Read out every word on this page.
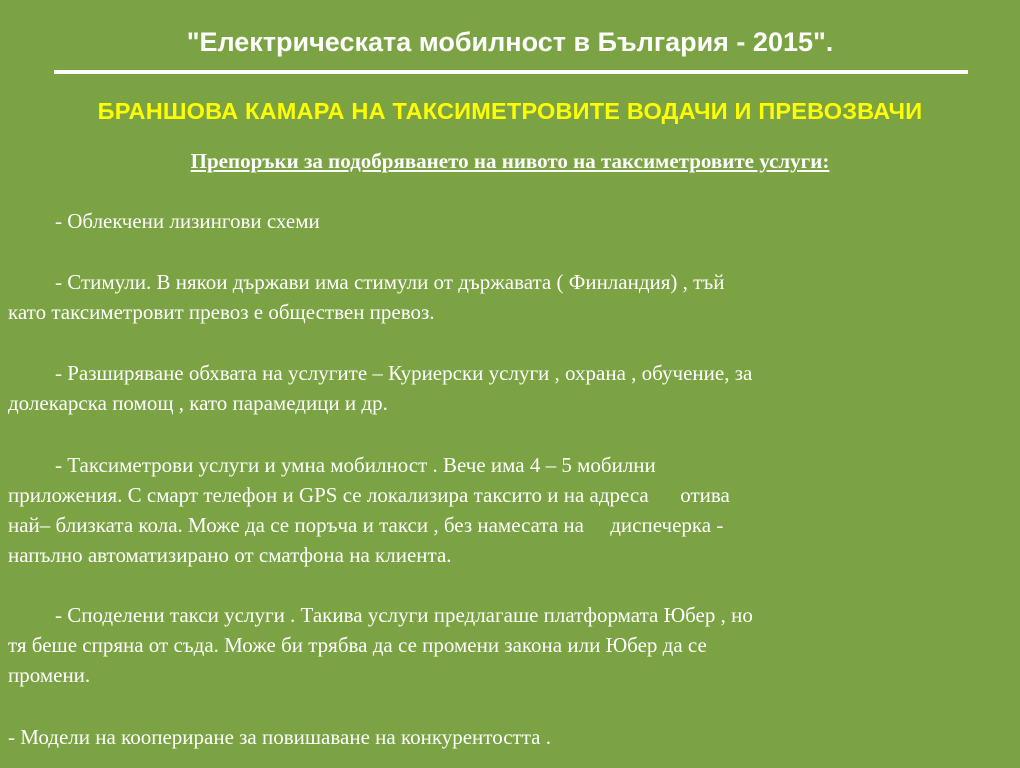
"Електрическата мобилност в България - 2015".
БРАНШОВА КАМАРА НА ТАКСИМЕТРОВИТЕ ВОДАЧИ И ПРЕВОЗВАЧИ
Препоръки за подобряването на нивото на таксиметровите услуги:
- Облекчени лизингови схеми
- Стимули. В някои държави има стимули от държавата ( Финландия) , тъй
като таксиметровит превоз е обществен превоз.
- Разширяване обхвата на услугите – Куриерски услуги , охрана , обучение, за
долекарска помощ , като парамедици и др.
- Таксиметрови услуги и умна мобилност . Вече има 4 – 5 мобилни
приложения. С смарт телефон и GPS се локализира таксито и на адреса      отива
най– близката кола. Може да се поръча и такси , без намесата на     диспечерка -
напълно автоматизирано от сматфона на клиента.
- Споделени такси услуги . Такива услуги предлагаше платформата Юбер , но
тя беше спряна от съда. Може би трябва да се промени закона или Юбер да се
промени.
- Модели на коопериране за повишаване на конкурентостта .
